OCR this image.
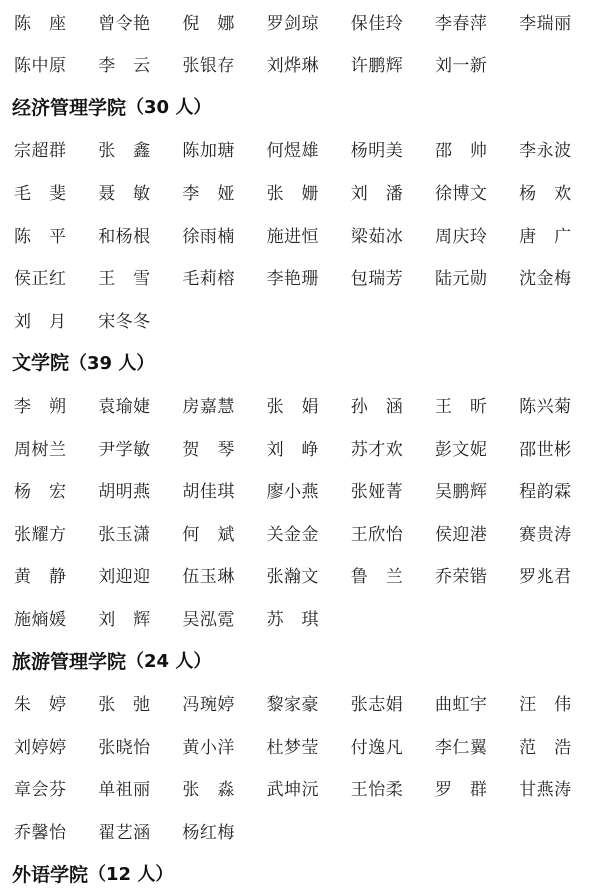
陈　座	曾令艳	倪　娜	罗剑琼	保佳玲	李春萍	李瑞丽
陈中原	李　云	张银存	刘烨琳	许鹏辉	刘一新
经济管理学院 （30 人）
宗超群	张　鑫	陈加瑭	何煜雄	杨明美	邵　帅	李永波
毛　斐	聂　敏	李　娅	张　姗	刘　潘	徐博文	杨　欢
陈　平	和杨根	徐雨楠	施进恒	梁茹冰	周庆玲	唐　广
侯正红	王　雪	毛莉榕	李艳珊	包瑞芳	陆元勋	沈金梅
刘　月	宋冬冬
文学院 （39 人）
李　朔	袁瑜婕	房嘉慧	张　娟	孙　涵	王　昕	陈兴菊
周树兰	尹学敏	贺　琴	刘　峥	苏才欢	彭文妮	邵世彬
杨　宏	胡明燕	胡佳琪	廖小燕	张娅菁	吴鹏辉	程韵霖
张耀方	张玉潇	何　斌	关金金	王欣怡	侯迎港	赛贵涛
黄　静	刘迎迎	伍玉琳	张瀚文	鲁　兰	乔荣锴	罗兆君
施熵媛	刘　辉	吴泓霓	苏　琪
旅游管理学院 （24 人）
朱　婷	张　弛	冯琬婷	黎家豪	张志娟	曲虹宇	汪　伟
刘婷婷	张晓怡	黄小洋	杜梦莹	付逸凡	李仁翼	范　浩
章会芬	单祖丽	张　淼	武坤沅	王怡柔	罗　群	甘燕涛
乔馨怡	翟艺涵	杨红梅
外语学院 （12 人）
